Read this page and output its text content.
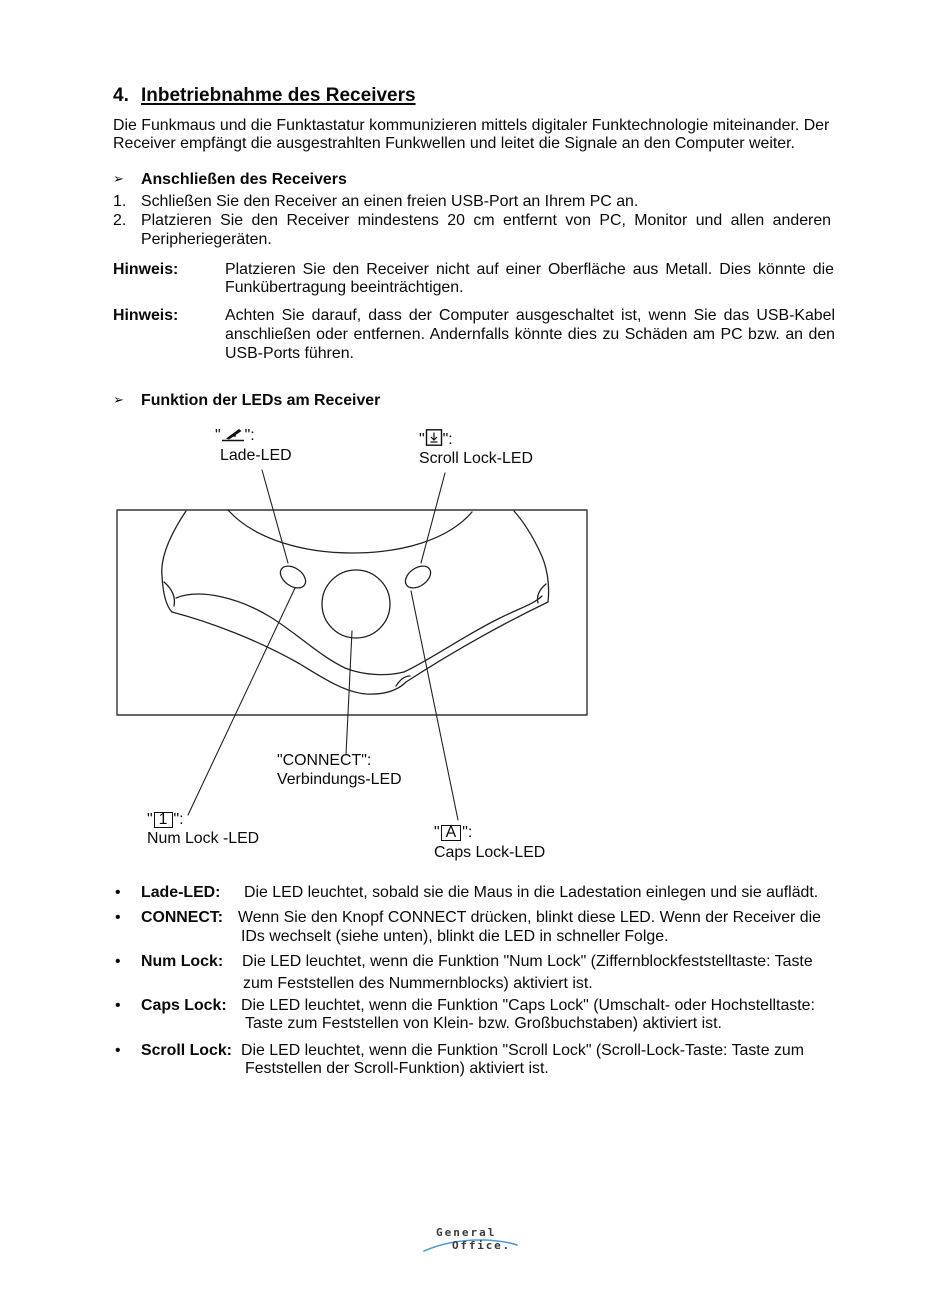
4. Inbetriebnahme des Receivers
Die Funkmaus und die Funktastatur kommunizieren mittels digitaler Funktechnologie miteinander. Der
Receiver empfängt die ausgestrahlten Funkwellen und leitet die Signale an den Computer weiter.
➢ Anschließen des Receivers
1. Schließen Sie den Receiver an einen freien USB-Port an Ihrem PC an.
2. Platzieren Sie den Receiver mindestens 20 cm entfernt von PC, Monitor und allen anderen
Peripheriegeräten.
Hinweis:	Platzieren Sie den Receiver nicht auf einer Oberfläche aus Metall. Dies könnte die
Funkübertragung beeinträchtigen.
Hinweis:	Achten Sie darauf, dass der Computer ausgeschaltet ist, wenn Sie das USB-Kabel
anschließen oder entfernen. Andernfalls könnte dies zu Schäden am PC bzw. an den
USB-Ports führen.
➢ Funktion der LEDs am Receiver
" ":
Lade-LED
" ":
Scroll Lock-LED
"CONNECT":
Verbindungs-LED
" 1 ":
Num Lock -LED	" A ":
Caps Lock-LED
• Lade-LED: Die LED leuchtet, sobald sie die Maus in die Ladestation einlegen und sie auflädt.
• CONNECT: Wenn Sie den Knopf CONNECT drücken, blinkt diese LED. Wenn der Receiver die
IDs wechselt (siehe unten), blinkt die LED in schneller Folge.
• Num Lock: Die LED leuchtet, wenn die Funktion "Num Lock" (Ziffernblockfeststelltaste: Taste
zum Feststellen des Nummernblocks) aktiviert ist.
• Caps Lock: Die LED leuchtet, wenn die Funktion "Caps Lock" (Umschalt- oder Hochstelltaste:
Taste zum Feststellen von Klein- bzw. Großbuchstaben) aktiviert ist.
• Scroll Lock: Die LED leuchtet, wenn die Funktion "Scroll Lock" (Scroll-Lock-Taste: Taste zum
Feststellen der Scroll-Funktion) aktiviert ist.
General
Office.
